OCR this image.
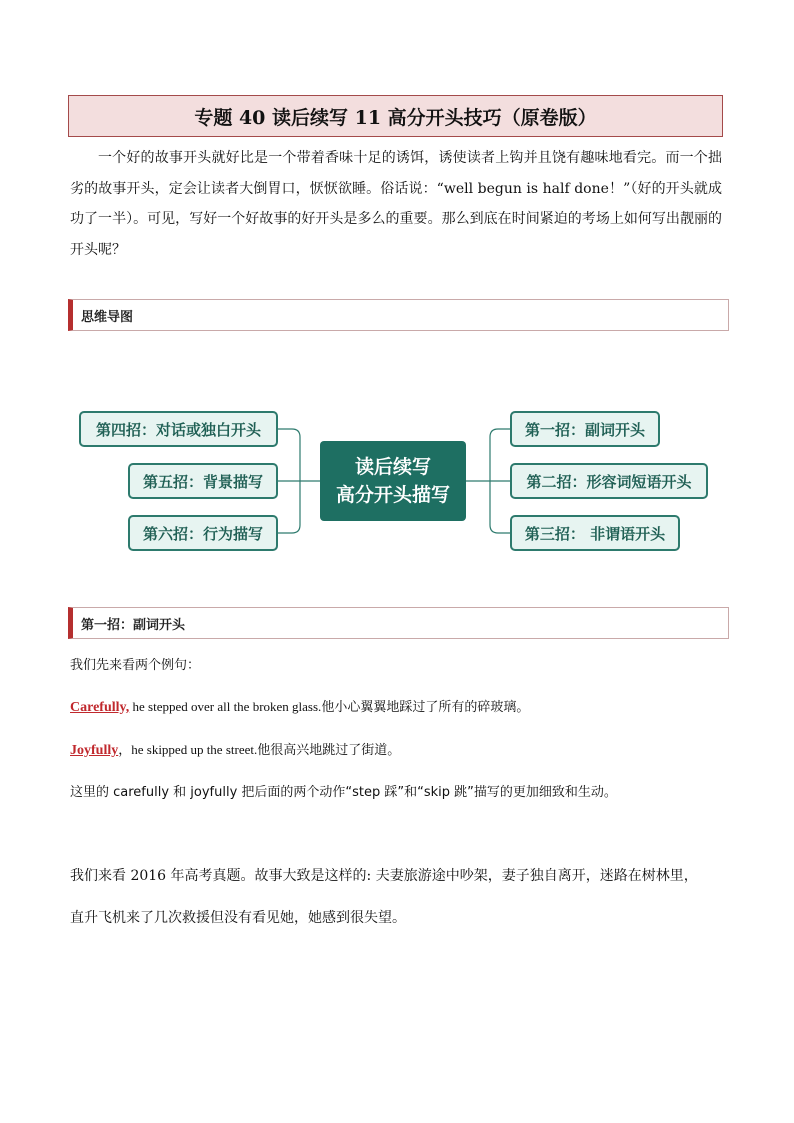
专题 40 读后续写 11 高分开头技巧（原卷版）

一个好的故事开头就好比是一个带着香味十足的诱饵，诱使读者上钩并且饶有趣味地看完。而一个拙劣的故事开头，定会让读者大倒胃口，恹恹欲睡。俗话说：“well begun is half done！”（好的开头就成功了一半）。可见，写好一个好故事的好开头是多么的重要。那么到底在时间紧迫的考场上如何写出靓丽的开头呢？

思维导图
第四招：对话或独白开头
第五招：背景描写
第六招：行为描写
读后续写
高分开头描写
第一招：副词开头
第二招：形容词短语开头
第三招： 非谓语开头
第一招：副词开头

我们先来看两个例句：

Carefully, he stepped over all the broken glass.他小心翼翼地踩过了所有的碎玻璃。

Joyfully，he skipped up the street.他很高兴地跳过了街道。

这里的 carefully 和 joyfully 把后面的两个动作“step 踩”和“skip 跳”描写的更加细致和生动。

我们来看 2016 年高考真题。故事大致是这样的: 夫妻旅游途中吵架，妻子独自离开，迷路在树林里，

直升飞机来了几次救援但没有看见她，她感到很失望。
